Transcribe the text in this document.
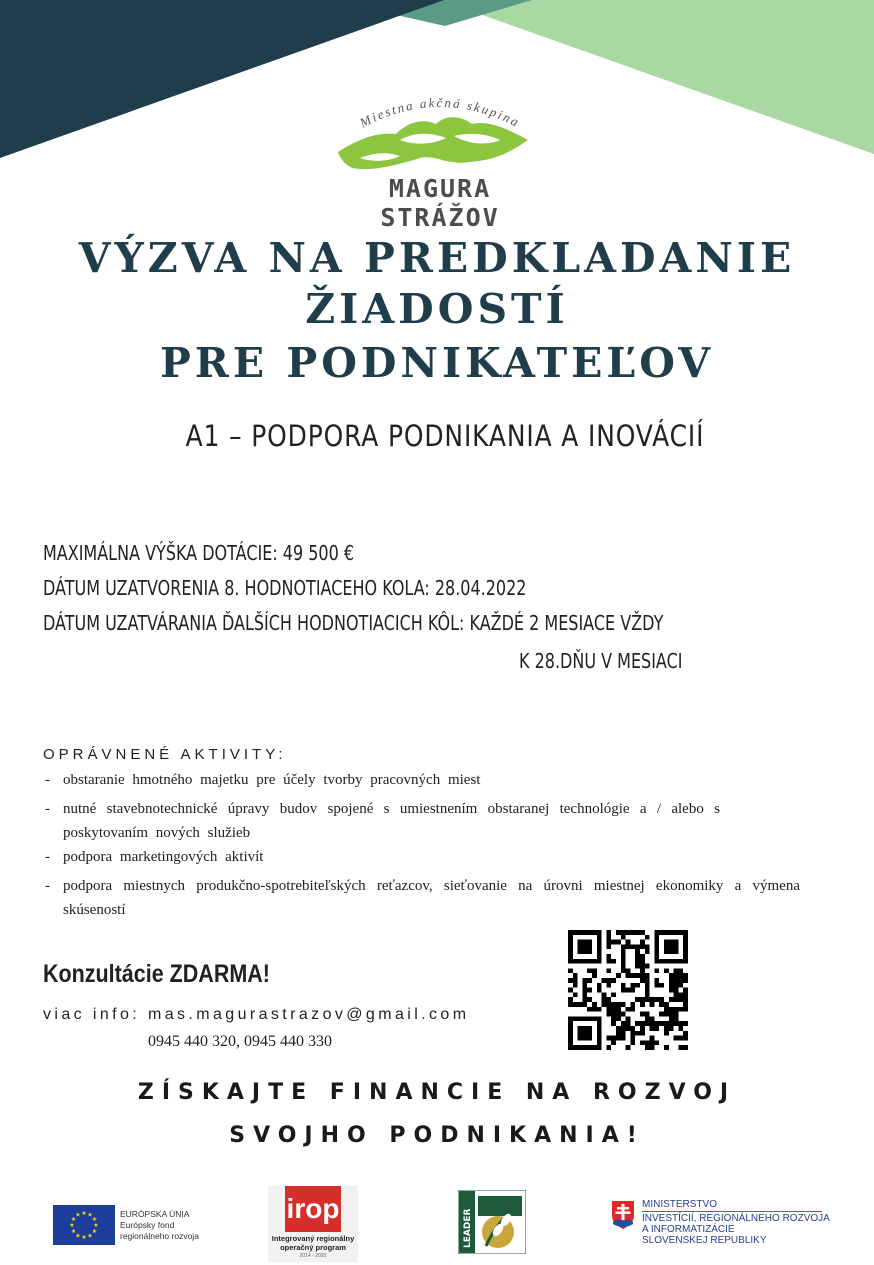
Miestna akčná skupina
MAGURA STRÁŽOV
VÝZVA NA PREDKLADANIE
ŽIADOSTÍ
PRE PODNIKATEĽOV
A1 – PODPORA PODNIKANIA A INOVÁCIÍ
MAXIMÁLNA VÝŠKA DOTÁCIE: 49 500 €
DÁTUM UZATVORENIA 8. HODNOTIACEHO KOLA: 28.04.2022
DÁTUM UZATVÁRANIA ĎALŠÍCH HODNOTIACICH KÔL: KAŽDÉ 2 MESIACE VŽDY
K 28.DŇU V MESIACI
OPRÁVNENÉ AKTIVITY:
- obstaranie hmotného majetku pre účely tvorby pracovných miest
- nutné stavebnotechnické úpravy budov spojené s umiestnením obstaranej technológie a / alebo s poskytovaním nových služieb
- podpora marketingových aktivít
- podpora miestnych produkčno-spotrebiteľských reťazcov, sieťovanie na úrovni miestnej ekonomiky a výmena skúseností
Konzultácie ZDARMA!
viac info: mas.magurastrazov@gmail.com
0945 440 320, 0945 440 330
ZÍSKAJTE FINANCIE NA ROZVOJ
SVOJHO PODNIKANIA!
★ ★
★
★
★
★
★
★
★
★
★
★	EURÓPSKA ÚNIA
Európsky fond
regionálneho rozvoja
irop
Integrovaný regionálny
operačný program
2014 - 2020
LEADER
MINISTERSTVO
INVESTÍCIÍ, REGIONÁLNEHO ROZVOJA
A INFORMATIZÁCIE
SLOVENSKEJ REPUBLIKY
